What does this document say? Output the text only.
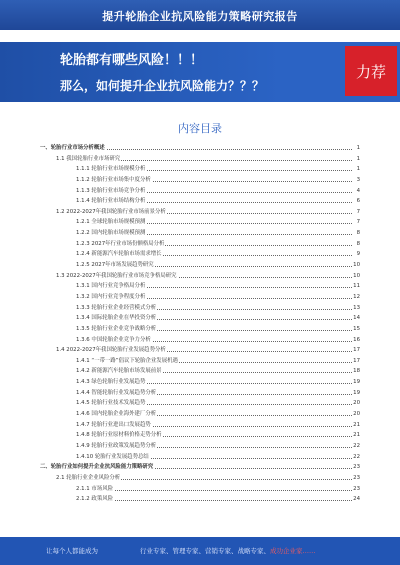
提升轮胎企业抗风险能力策略研究报告
轮胎都有哪些风险！！！
那么，如何提升企业抗风险能力？？？
力荐
内容目录
一、轮胎行业市场分析概述	1
1.1 我国轮胎行业市场研究	1
1.1.1 轮胎行业市场规模分析	1
1.1.2 轮胎行业市场集中度分析	3
1.1.3 轮胎行业市场竞争分析	4
1.1.4 轮胎行业市场结构分析	6
1.2 2022-2027年我国轮胎行业市场前景分析	7
1.2.1 全球轮胎市场规模预测	7
1.2.2 国内轮胎市场规模预测	8
1.2.3 2027年行业市场份额格局分析	8
1.2.4 新能源汽车轮胎市场需求增长	9
1.2.5 2027年市场发展趋势研究	10
1.3 2022-2027年我国轮胎行业市场竞争格局研究	10
1.3.1 国内行业竞争格局分析	11
1.3.2 国内行业竞争程度分析	12
1.3.3 轮胎行业企业经营模式分析	13
1.3.4 国际轮胎企业在华投资分析	14
1.3.5 轮胎行业企业竞争战略分析	15
1.3.6 中国轮胎企业竞争力分析	16
1.4 2022-2027年我国轮胎行业发展趋势分析	17
1.4.1 “一带一路”倡议下轮胎企业发展机遇	17
1.4.2 新能源汽车轮胎市场发展前景	18
1.4.3 绿色轮胎行业发展趋势	19
1.4.4 智能轮胎行业发展趋势分析	19
1.4.5 轮胎行业技术发展趋势	20
1.4.6 国内轮胎企业海外建厂分析	20
1.4.7 轮胎行业进出口发展趋势	21
1.4.8 轮胎行业原材料价格走势分析	21
1.4.9 轮胎行业政策发展趋势分析	22
1.4.10 轮胎行业发展趋势总结	22
二、轮胎行业如何提升企业抗风险能力策略研究	23
2.1 轮胎行业企业风险分析	23
2.1.1 市场风险	23
2.1.2 政策风险	24
让每个人都能成为	行业专家、管理专家、营销专家、战略专家、成功企业家……
